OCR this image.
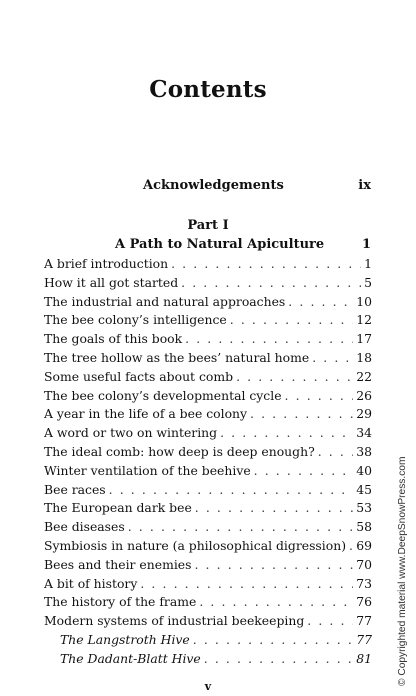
Contents
Acknowledgements	ix
Part I
A Path to Natural Apiculture	1
A brief introduction . . .	1
How it all got started . . .	5
The industrial and natural approaches . . .	10
The bee colony’s intelligence . . .	12
The goals of this book . . .	17
The tree hollow as the bees’ natural home . . .	18
Some useful facts about comb . . .	22
The bee colony’s developmental cycle . . .	26
A year in the life of a bee colony . . .	29
A word or two on wintering . . .	34
The ideal comb: how deep is deep enough? . . .	38
Winter ventilation of the beehive . . .	40
Bee races . . .	45
The European dark bee . . .	53
Bee diseases . . .	58
Symbiosis in nature (a philosophical digression) . . . 69
Bees and their enemies . . .	70
A bit of history . . .	73
The history of the frame . . .	76
Modern systems of industrial beekeeping . . .	77
The Langstroth Hive . . .	77
The Dadant-Blatt Hive . . .	81
v
© Copyrighted material www.DeepSnowPress.com
